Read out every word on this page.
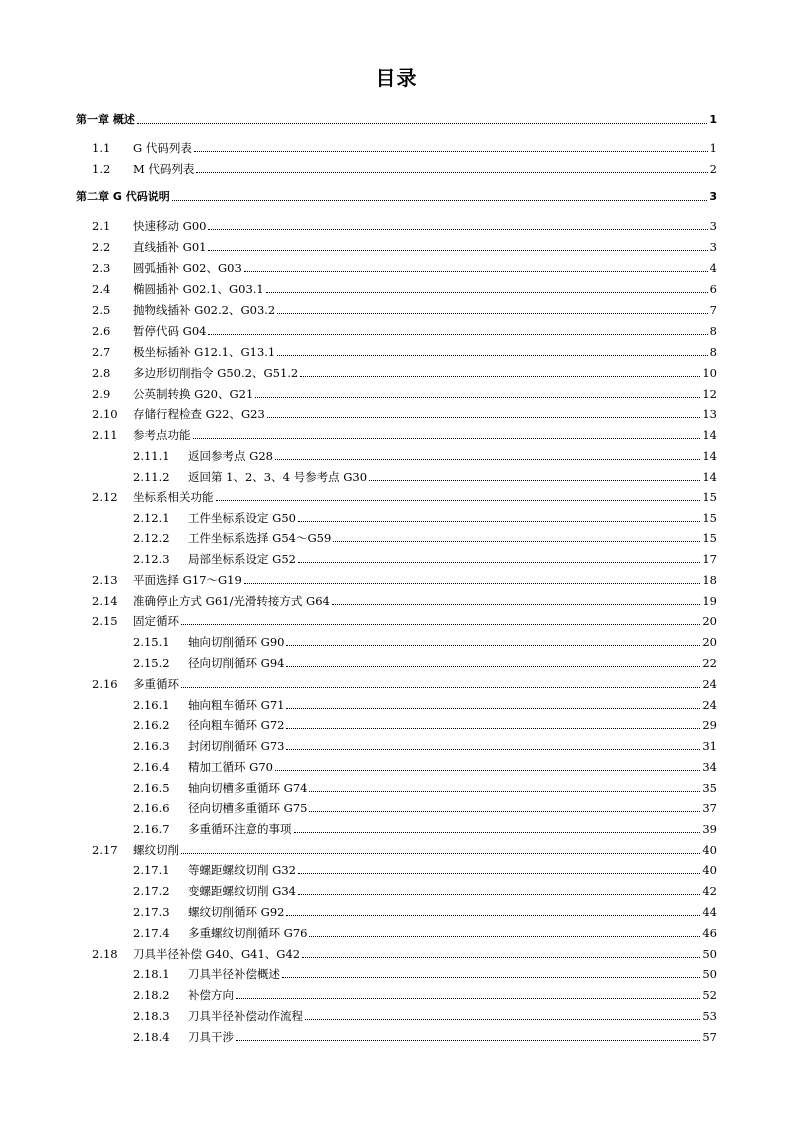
目录
第一章 概述	1
1.1 G 代码列表	1
1.2 M 代码列表	2
第二章 G 代码说明	3
2.1 快速移动 G00	3
2.2 直线插补 G01	3
2.3 圆弧插补 G02、G03	4
2.4 椭圆插补 G02.1、G03.1	6
2.5 抛物线插补 G02.2、G03.2	7
2.6 暂停代码 G04	8
2.7 极坐标插补 G12.1、G13.1	8
2.8 多边形切削指令 G50.2、G51.2	10
2.9 公英制转换 G20、G21	12
2.10 存储行程检查 G22、G23	13
2.11 参考点功能	14
2.11.1 返回参考点 G28	14
2.11.2 返回第 1、2、3、4 号参考点 G30	14
2.12 坐标系相关功能	15
2.12.1 工件坐标系设定 G50	15
2.12.2 工件坐标系选择 G54～G59	15
2.12.3 局部坐标系设定 G52	17
2.13 平面选择 G17～G19	18
2.14 准确停止方式 G61/光滑转接方式 G64	19
2.15 固定循环	20
2.15.1 轴向切削循环 G90	20
2.15.2 径向切削循环 G94	22
2.16 多重循环	24
2.16.1 轴向粗车循环 G71	24
2.16.2 径向粗车循环 G72	29
2.16.3 封闭切削循环 G73	31
2.16.4 精加工循环 G70	34
2.16.5 轴向切槽多重循环 G74	35
2.16.6 径向切槽多重循环 G75	37
2.16.7 多重循环注意的事项	39
2.17 螺纹切削	40
2.17.1 等螺距螺纹切削 G32	40
2.17.2 变螺距螺纹切削 G34	42
2.17.3 螺纹切削循环 G92	44
2.17.4 多重螺纹切削循环 G76	46
2.18 刀具半径补偿 G40、G41、G42	50
2.18.1 刀具半径补偿概述	50
2.18.2 补偿方向	52
2.18.3 刀具半径补偿动作流程	53
2.18.4 刀具干涉	57
